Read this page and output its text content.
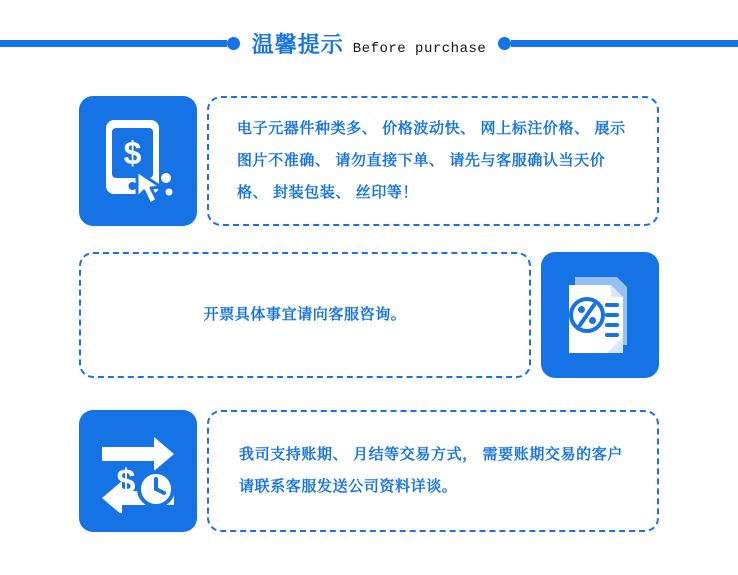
温馨提示 Before purchase
$

电子元器件种类多、 价格波动快、 网上标注价格、 展示图片不准确、 请勿直接下单、 请先与客服确认当天价格、 封装包装、 丝印等！

开票具体事宜请向客服咨询。

$

我司支持账期、 月结等交易方式， 需要账期交易的客户请联系客服发送公司资料详谈。
